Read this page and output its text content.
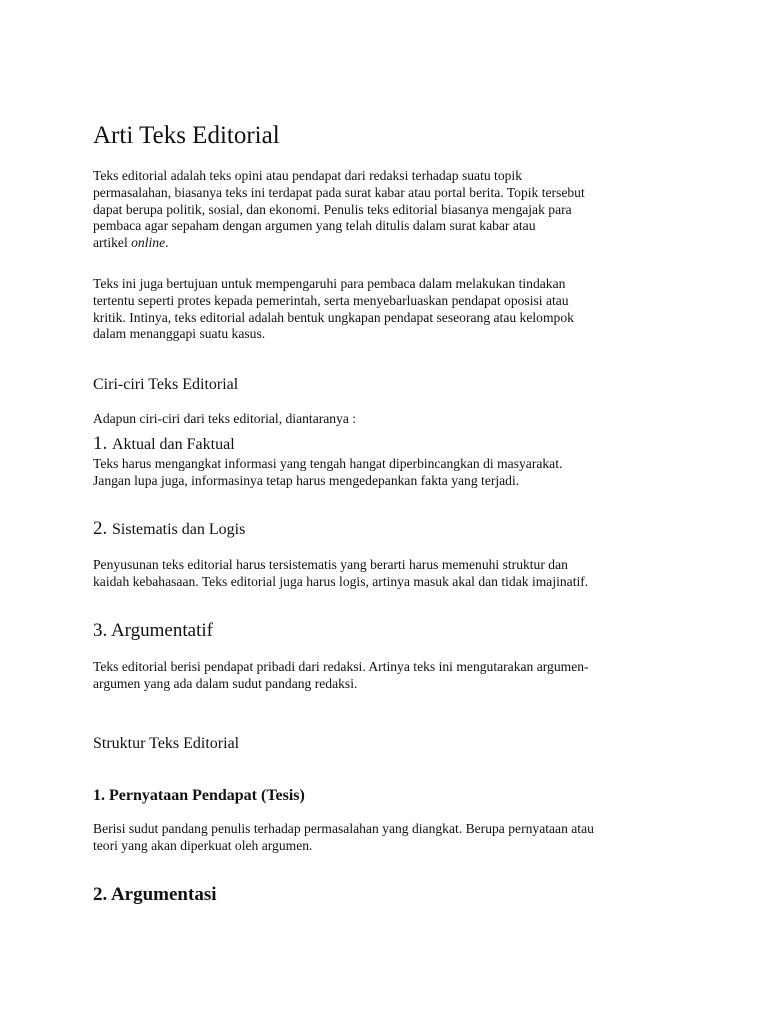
Arti Teks Editorial
Teks editorial adalah teks opini atau pendapat dari redaksi terhadap suatu topik
permasalahan, biasanya teks ini terdapat pada surat kabar atau portal berita. Topik tersebut
dapat berupa politik, sosial, dan ekonomi. Penulis teks editorial biasanya mengajak para
pembaca agar sepaham dengan argumen yang telah ditulis dalam surat kabar atau
artikel online.
Teks ini juga bertujuan untuk mempengaruhi para pembaca dalam melakukan tindakan
tertentu seperti protes kepada pemerintah, serta menyebarluaskan pendapat oposisi atau
kritik. Intinya, teks editorial adalah bentuk ungkapan pendapat seseorang atau kelompok
dalam menanggapi suatu kasus.
Ciri-ciri Teks Editorial
Adapun ciri-ciri dari teks editorial, diantaranya :
1. Aktual dan Faktual
Teks harus mengangkat informasi yang tengah hangat diperbincangkan di masyarakat.
Jangan lupa juga, informasinya tetap harus mengedepankan fakta yang terjadi.
2. Sistematis dan Logis
Penyusunan teks editorial harus tersistematis yang berarti harus memenuhi struktur dan
kaidah kebahasaan. Teks editorial juga harus logis, artinya masuk akal dan tidak imajinatif.
3. Argumentatif
Teks editorial berisi pendapat pribadi dari redaksi. Artinya teks ini mengutarakan argumen-
argumen yang ada dalam sudut pandang redaksi.
Struktur Teks Editorial
1. Pernyataan Pendapat (Tesis)
Berisi sudut pandang penulis terhadap permasalahan yang diangkat. Berupa pernyataan atau
teori yang akan diperkuat oleh argumen.
2. Argumentasi
